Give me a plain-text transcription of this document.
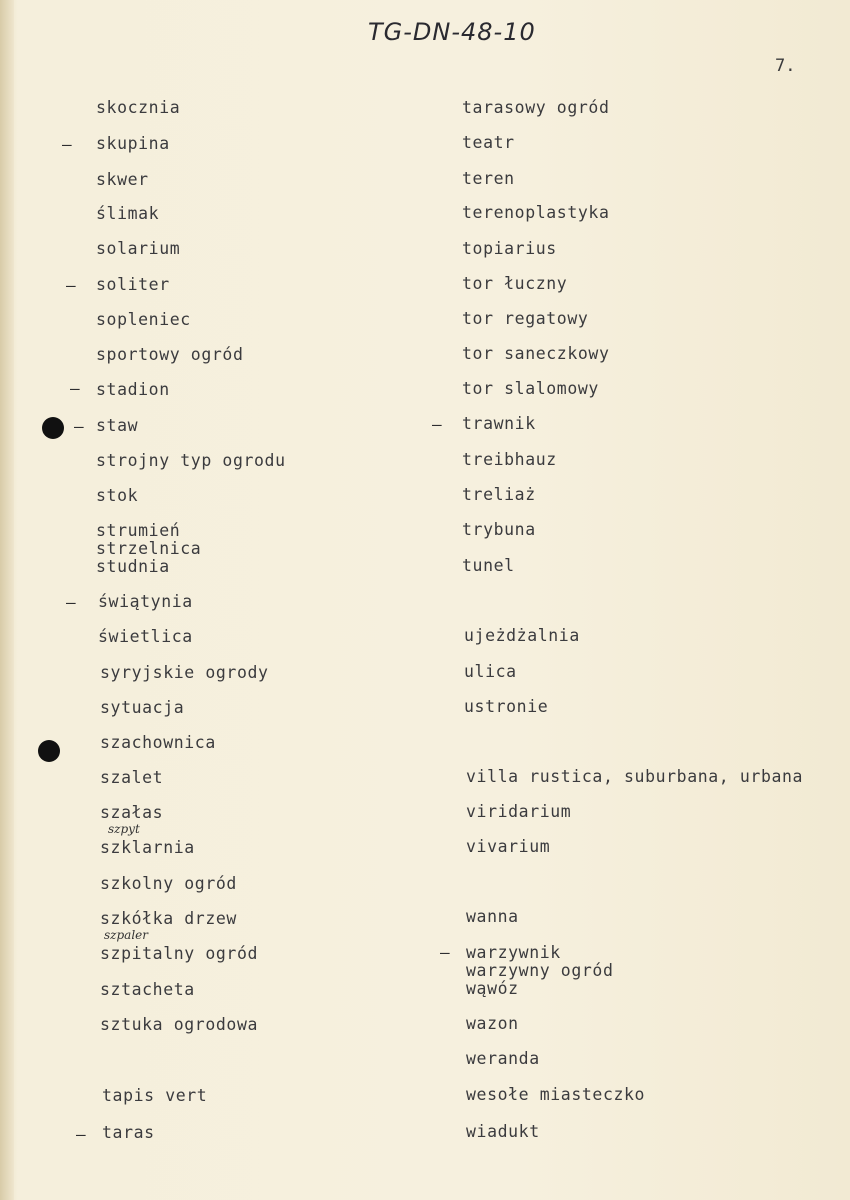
TG-DN-48-10
7.
—
—
—
—
—
—
—
—
szpyt
szpaler
skocznia
skupina
skwer
ślimak
solarium
soliter
sopleniec
sportowy ogród
stadion
staw
strojny typ ogrodu
stok
strumień
strzelnica
studnia
świątynia
świetlica
syryjskie ogrody
sytuacja
szachownica
szalet
szałas
szklarnia
szkolny ogród
szkółka drzew
szpitalny ogród
sztacheta
sztuka ogrodowa
tapis vert
taras
tarasowy ogród
teatr
teren
terenoplastyka
topiarius
tor łuczny
tor regatowy
tor saneczkowy
tor slalomowy
trawnik
treibhauz
treliaż
trybuna
tunel
ujeżdżalnia
ulica
ustronie
villa rustica, suburbana, urbana
viridarium
vivarium
wanna
warzywnik
warzywny ogród
wąwóz
wazon
weranda
wesołe miasteczko
wiadukt
